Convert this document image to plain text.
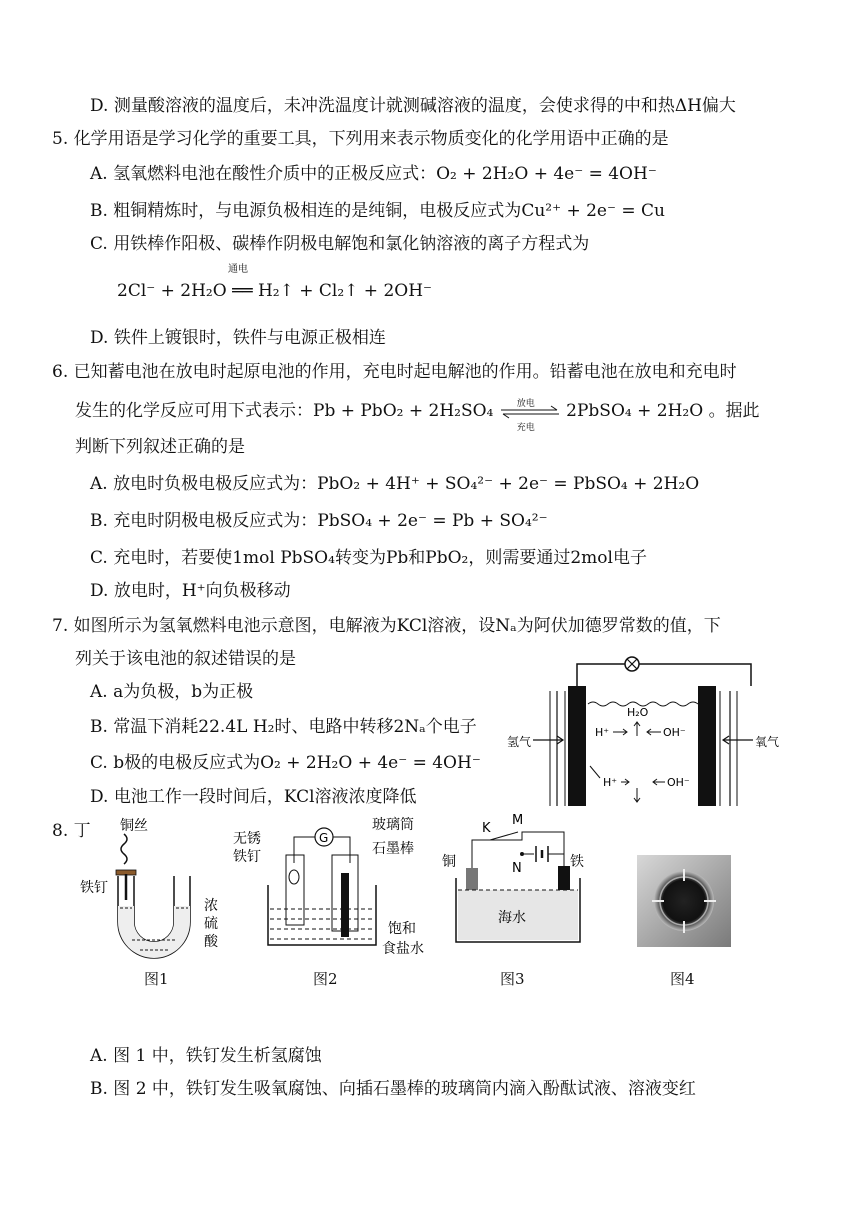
D. 测量酸溶液的温度后，未冲洗温度计就测碱溶液的温度，会使求得的中和热ΔH偏大
5. 化学用语是学习化学的重要工具，下列用来表示物质变化的化学用语中正确的是
A. 氢氧燃料电池在酸性介质中的正极反应式：O₂ + 2H₂O + 4e⁻ = 4OH⁻
B. 粗铜精炼时，与电源负极相连的是纯铜，电极反应式为Cu²⁺ + 2e⁻ = Cu
C. 用铁棒作阳极、碳棒作阴极电解饱和氯化钠溶液的离子方程式为
通电
2Cl⁻ + 2H₂O ══ H₂↑ + Cl₂↑ + 2OH⁻
D. 铁件上镀银时，铁件与电源正极相连
6. 已知蓄电池在放电时起原电池的作用，充电时起电解池的作用。铅蓄电池在放电和充电时
发生的化学反应可用下式表示：Pb + PbO₂ + 2H₂SO₄	放电
充电
2PbSO₄ + 2H₂O 。据此
判断下列叙述正确的是
A. 放电时负极电极反应式为：PbO₂ + 4H⁺ + SO₄²⁻ + 2e⁻ = PbSO₄ + 2H₂O
B. 充电时阴极电极反应式为：PbSO₄ + 2e⁻ = Pb + SO₄²⁻
C. 充电时，若要使1mol PbSO₄转变为Pb和PbO₂，则需要通过2mol电子
D. 放电时，H⁺向负极移动
7. 如图所示为氢氧燃料电池示意图，电解液为KCl溶液，设Nₐ为阿伏加德罗常数的值，下
列关于该电池的叙述错误的是
A. a为负极，b为正极
B. 常温下消耗22.4L H₂时、电路中转移2Nₐ个电子
C. b极的电极反应式为O₂ + 2H₂O + 4e⁻ = 4OH⁻
D. 电池工作一段时间后，KCl溶液浓度降低
氢气	氧气
H₂O
H⁺	OH⁻
H⁺	OH⁻
8. 丁 铜丝
铁钉
浓
硫
酸
图1
无锈
铁钉
G
玻璃筒
石墨棒
饱和
食盐水
图2
K
M
N
铜	铁
海水
图3	图4
A. 图 1 中，铁钉发生析氢腐蚀
B. 图 2 中，铁钉发生吸氧腐蚀、向插石墨棒的玻璃筒内滴入酚酞试液、溶液变红
